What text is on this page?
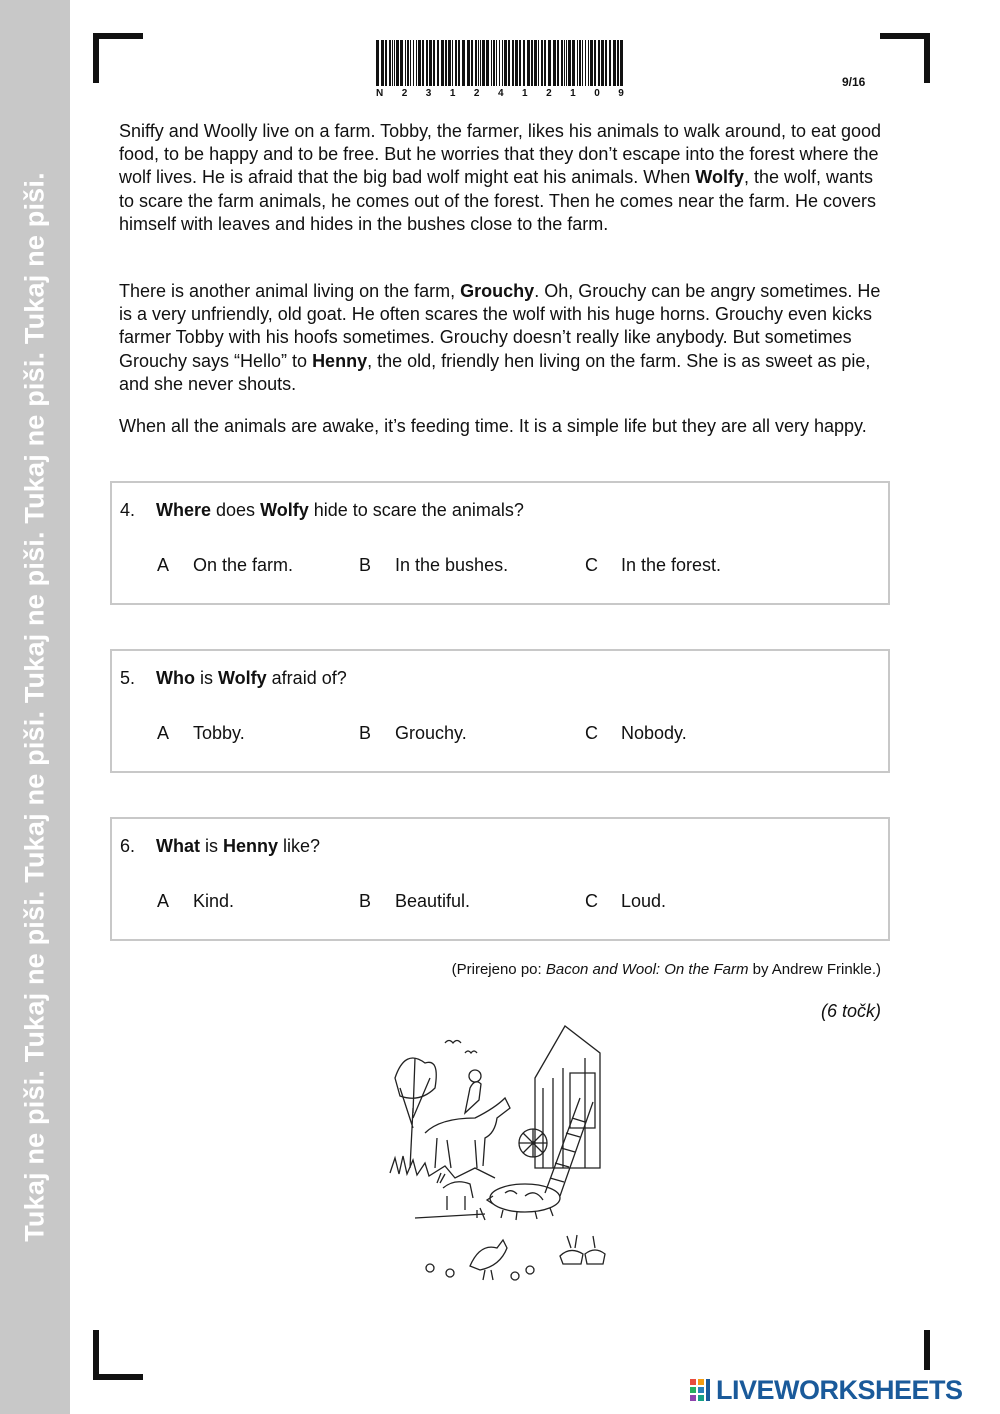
Tukaj ne piši. Tukaj ne piši. Tukaj ne piši. Tukaj ne piši. Tukaj ne piši. Tukaj ne piši.
N 2 3 1 2 4 1 2 1 0 9
9/16

Sniffy and Woolly live on a farm. Tobby, the farmer, likes his animals to walk around, to eat good food, to be happy and to be free. But he worries that they don’t escape into the forest where the wolf lives. He is afraid that the big bad wolf might eat his animals. When Wolfy, the wolf, wants to scare the farm animals, he comes out of the forest. Then he comes near the farm. He covers himself with leaves and hides in the bushes close to the farm.

There is another animal living on the farm, Grouchy. Oh, Grouchy can be angry sometimes. He is a very unfriendly, old goat. He often scares the wolf with his huge horns. Grouchy even kicks farmer Tobby with his hoofs sometimes. Grouchy doesn’t really like anybody. But sometimes Grouchy says “Hello” to Henny, the old, friendly hen living on the farm. She is as sweet as pie, and she never shouts.

When all the animals are awake, it’s feeding time. It is a simple life but they are all very happy.

4. Where does Wolfy hide to scare the animals?
A On the farm.	B In the bushes.	C In the forest.
5. Who is Wolfy afraid of?
A Tobby.	B Grouchy.	C Nobody.
6. What is Henny like?
A Kind.	B Beautiful.	C Loud.
(Prirejeno po: Bacon and Wool: On the Farm by Andrew Frinkle.)
(6 točk)
LIVEWORKSHEETS
